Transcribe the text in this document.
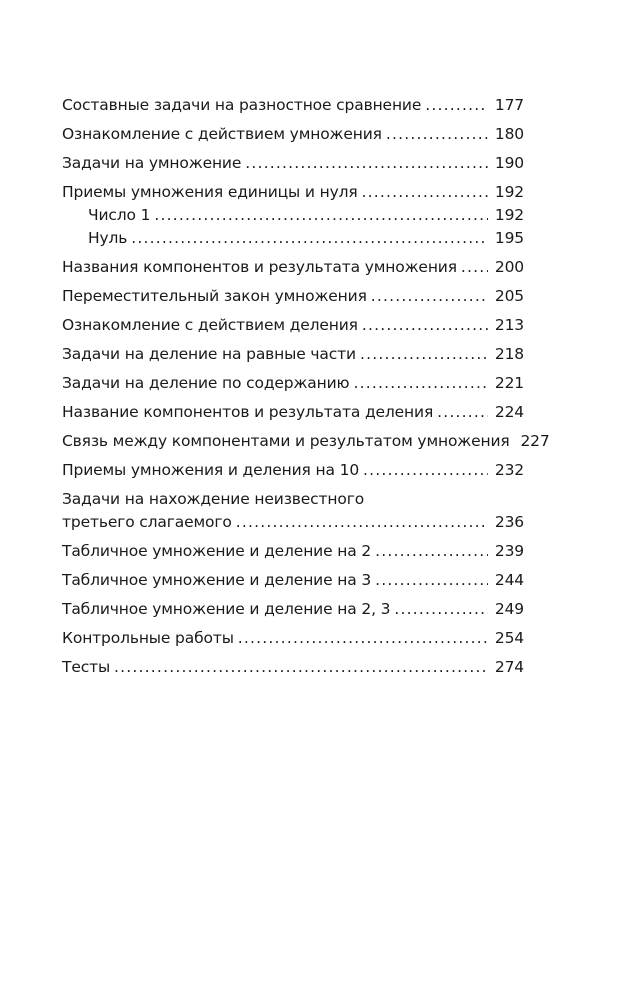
Составные задачи на разностное сравнение .....	177
Ознакомление с действием умножения .....	180
Задачи на умножение .....	190
Приемы умножения единицы и нуля .....	192
Число 1 .....	192
Нуль .....	195
Названия компонентов и результата умножения ..... 200
Переместительный закон умножения .....	205
Ознакомление с действием деления .....	213
Задачи на деление на равные части .....	218
Задачи на деление по содержанию .....	221
Название компонентов и результата деления .....	224
Связь между компонентами и результатом умножения 227
Приемы умножения и деления на 10 .....	232
Задачи на нахождение неизвестного
третьего слагаемого .....	236
Табличное умножение и деление на 2 .....	239
Табличное умножение и деление на 3 .....	244
Табличное умножение и деление на 2, 3 .....	249
Контрольные работы .....	254
Тесты .....	274
